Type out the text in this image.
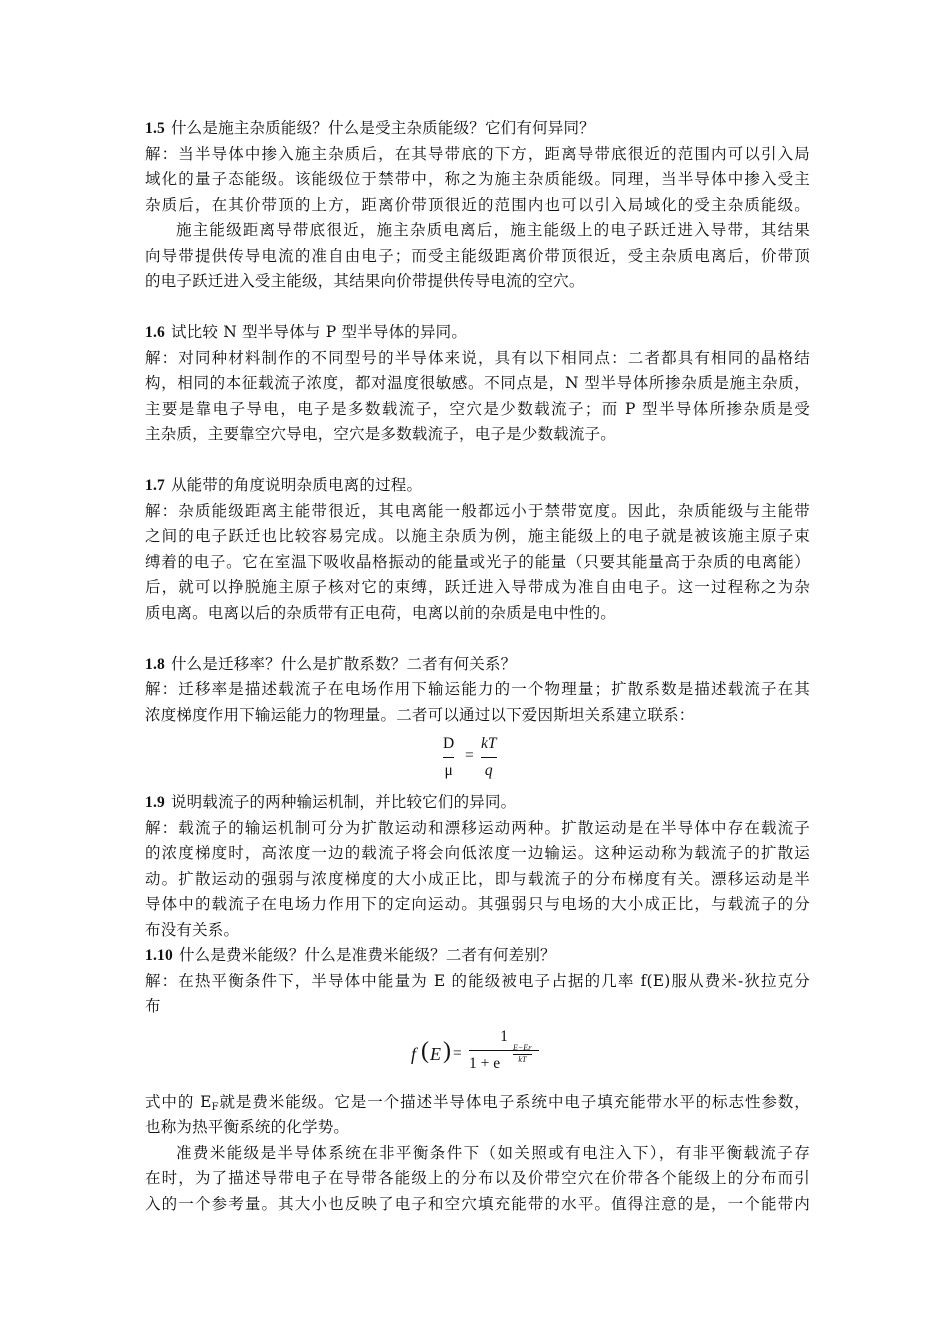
1.5 什么是施主杂质能级？什么是受主杂质能级？它们有何异同？
解：当半导体中掺入施主杂质后，在其导带底的下方，距离导带底很近的范围内可以引入局
域化的量子态能级。该能级位于禁带中，称之为施主杂质能级。同理，当半导体中掺入受主
杂质后，在其价带顶的上方，距离价带顶很近的范围内也可以引入局域化的受主杂质能级。
施主能级距离导带底很近，施主杂质电离后，施主能级上的电子跃迁进入导带，其结果
向导带提供传导电流的准自由电子；而受主能级距离价带顶很近，受主杂质电离后，价带顶
的电子跃迁进入受主能级，其结果向价带提供传导电流的空穴。
1.6 试比较 N 型半导体与 P 型半导体的异同。
解：对同种材料制作的不同型号的半导体来说，具有以下相同点：二者都具有相同的晶格结
构，相同的本征载流子浓度，都对温度很敏感。不同点是，N 型半导体所掺杂质是施主杂质，
主要是靠电子导电，电子是多数载流子，空穴是少数载流子；而 P 型半导体所掺杂质是受
主杂质，主要靠空穴导电，空穴是多数载流子，电子是少数载流子。
1.7 从能带的角度说明杂质电离的过程。
解：杂质能级距离主能带很近，其电离能一般都远小于禁带宽度。因此，杂质能级与主能带
之间的电子跃迁也比较容易完成。以施主杂质为例，施主能级上的电子就是被该施主原子束
缚着的电子。它在室温下吸收晶格振动的能量或光子的能量（只要其能量高于杂质的电离能）
后，就可以挣脱施主原子核对它的束缚，跃迁进入导带成为准自由电子。这一过程称之为杂
质电离。电离以后的杂质带有正电荷，电离以前的杂质是电中性的。
1.8 什么是迁移率？什么是扩散系数？二者有何关系？
解：迁移率是描述载流子在电场作用下输运能力的一个物理量；扩散系数是描述载流子在其
浓度梯度作用下输运能力的物理量。二者可以通过以下爱因斯坦关系建立联系：
D
μ
=
kT
q
1.9 说明载流子的两种输运机制，并比较它们的异同。
解：载流子的输运机制可分为扩散运动和漂移运动两种。扩散运动是在半导体中存在载流子
的浓度梯度时，高浓度一边的载流子将会向低浓度一边输运。这种运动称为载流子的扩散运
动。扩散运动的强弱与浓度梯度的大小成正比，即与载流子的分布梯度有关。漂移运动是半
导体中的载流子在电场力作用下的定向运动。其强弱只与电场的大小成正比，与载流子的分
布没有关系。
1.10 什么是费米能级？什么是准费米能级？二者有何差别？
解：在热平衡条件下，半导体中能量为 E 的能级被电子占据的几率 f(E)服从费米-狄拉克分
布
f ( E ) =
1
1 + e
E−EF
kT
式中的 $E_F$就是费米能级。它是一个描述半导体电子系统中电子填充能带水平的标志性参数，
也称为热平衡系统的化学势。
准费米能级是半导体系统在非平衡条件下（如关照或有电注入下），有非平衡载流子存
在时，为了描述导带电子在导带各能级上的分布以及价带空穴在价带各个能级上的分布而引
入的一个参考量。其大小也反映了电子和空穴填充能带的水平。值得注意的是，一个能带内
